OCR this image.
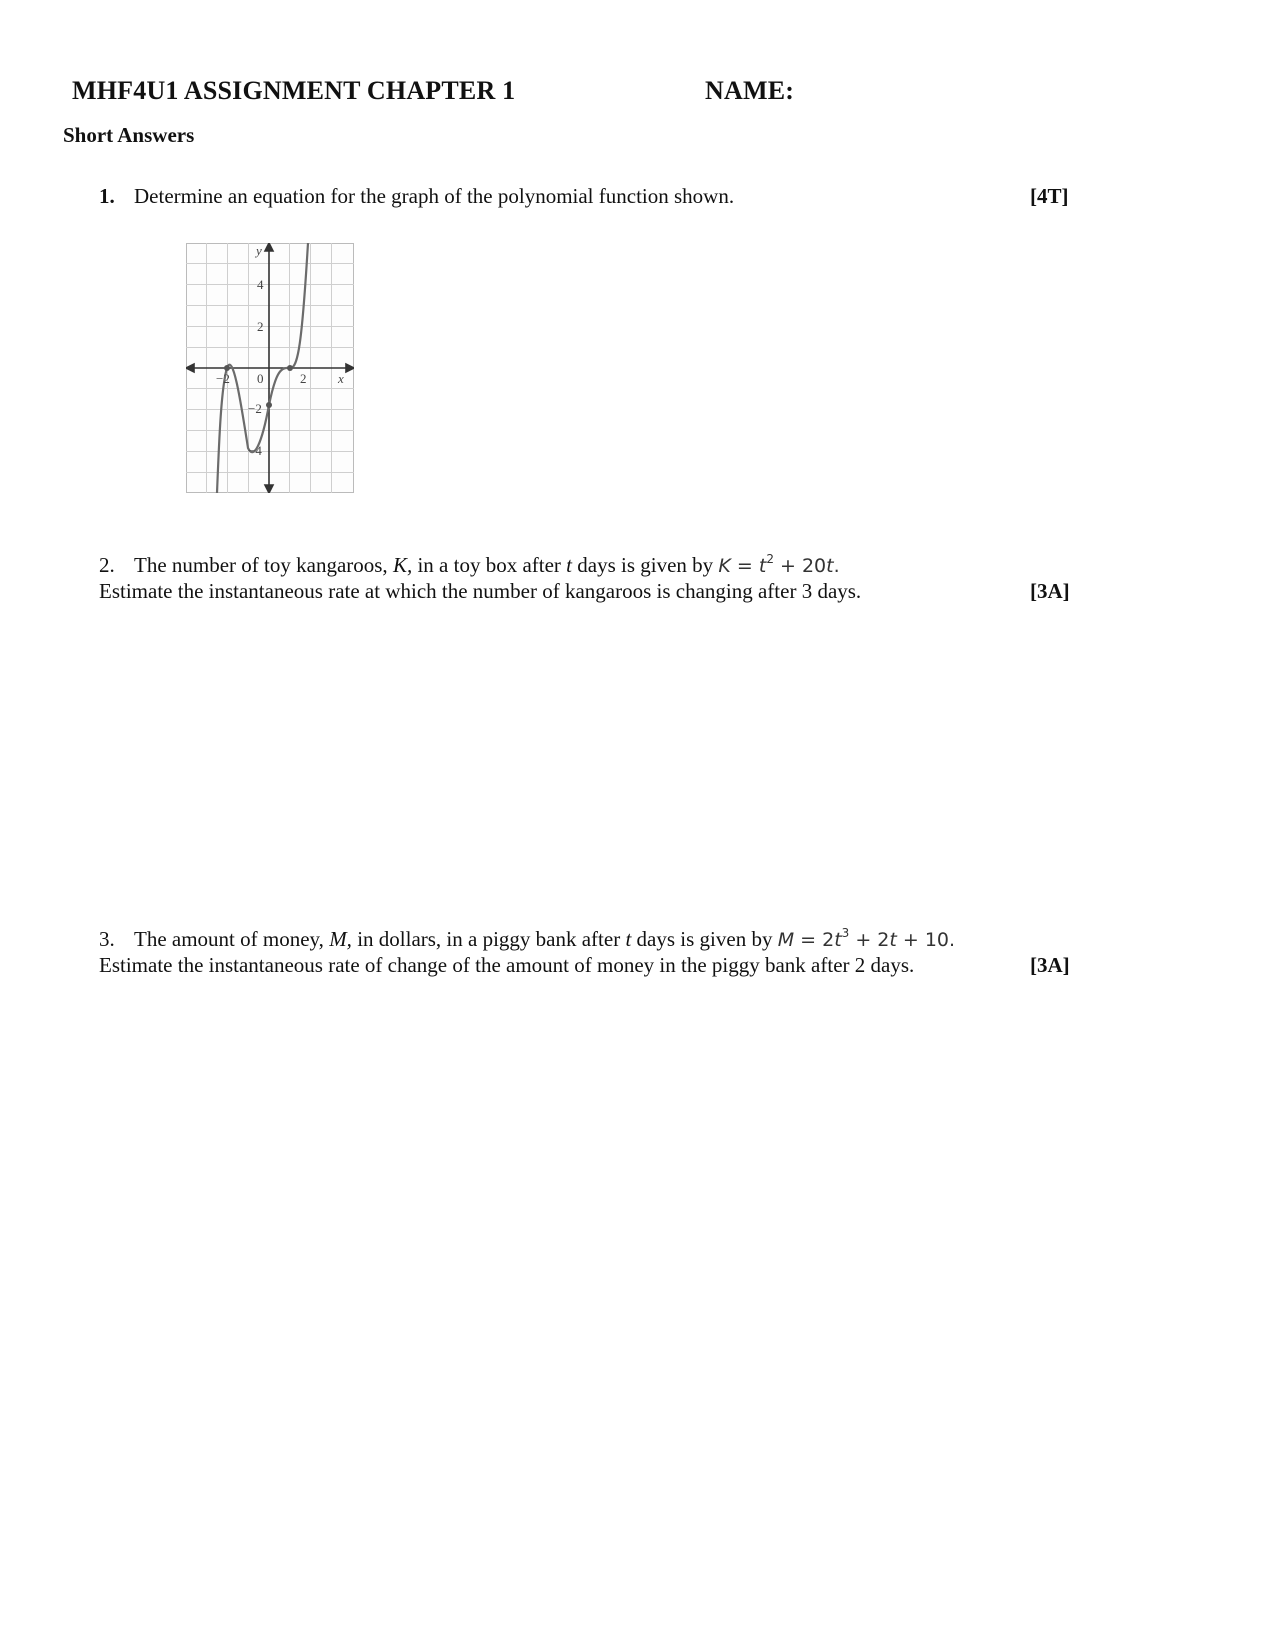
MHF4U1 ASSIGNMENT CHAPTER 1	NAME:
Short Answers
1. Determine an equation for the graph of the polynomial function shown.	[4T]
y
x
−2 0	2
4
2
−2
−4
2. The number of toy kangaroos, K, in a toy box after t days is given by $K = t^2 + 20t$.
Estimate the instantaneous rate at which the number of kangaroos is changing after 3 days.	[3A]
3. The amount of money, M, in dollars, in a piggy bank after t days is given by $M = 2t^3 + 2t + 10$.
Estimate the instantaneous rate of change of the amount of money in the piggy bank after 2 days.	[3A]
